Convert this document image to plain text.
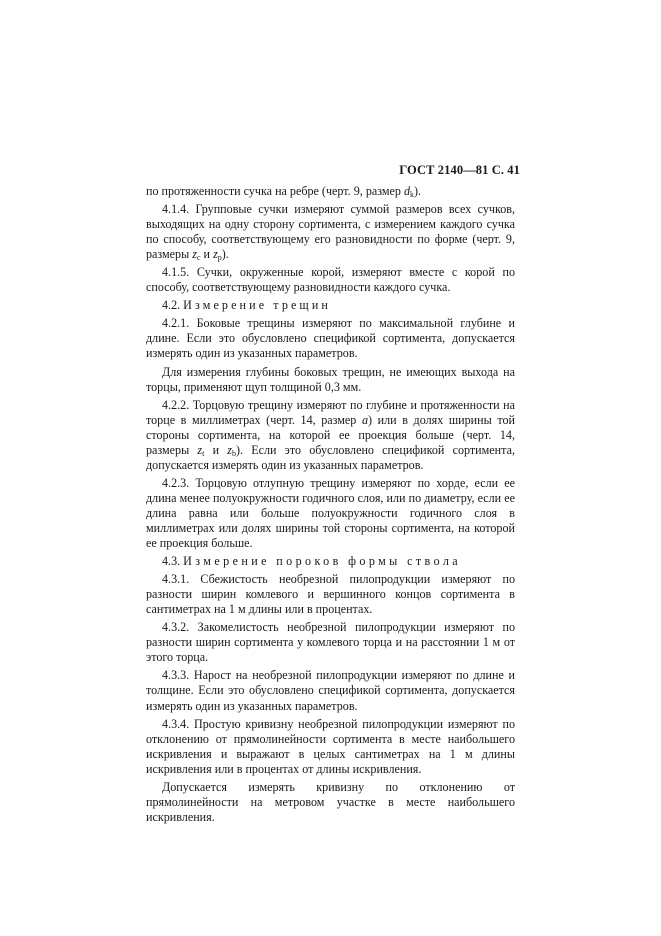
ГОСТ 2140—81 С. 41

по протяженности сучка на ребре (черт. 9, размер $d_k$).

4.1.4. Групповые сучки измеряют суммой размеров всех сучков, выходящих на одну сторону сортимента, с измерением каждого сучка по способу, соответствующему его разновидности по форме (черт. 9, размеры $z_c$ и $z_p$).

4.1.5. Сучки, окруженные корой, измеряют вместе с корой по способу, соответствующему разновидности каждого сучка.

4.2. Измерение трещин

4.2.1. Боковые трещины измеряют по максимальной глубине и длине. Если это обусловлено спецификой сортимента, допускается измерять один из указанных параметров.

Для измерения глубины боковых трещин, не имеющих выхода на торцы, применяют щуп толщиной 0,3 мм.

4.2.2. Торцовую трещину измеряют по глубине и протяженности на торце в миллиметрах (черт. 14, размер а) или в долях ширины той стороны сортимента, на которой ее проекция больше (черт. 14, размеры $z_t$ и $z_b$). Если это обусловлено спецификой сортимента, допускается измерять один из указанных параметров.

4.2.3. Торцовую отлупную трещину измеряют по хорде, если ее длина менее полуокружности годичного слоя, или по диаметру, если ее длина равна или больше полуокружности годичного слоя в миллиметрах или долях ширины той стороны сортимента, на которой ее проекция больше.

4.3. Измерение пороков формы ствола

4.3.1. Сбежистость необрезной пилопродукции измеряют по разности ширин комлевого и вершинного концов сортимента в сантиметрах на 1 м длины или в процентах.

4.3.2. Закомелистость необрезной пилопродукции измеряют по разности ширин сортимента у комлевого торца и на расстоянии 1 м от этого торца.

4.3.3. Нарост на необрезной пилопродукции измеряют по длине и толщине. Если это обусловлено спецификой сортимента, допускается измерять один из указанных параметров.

4.3.4. Простую кривизну необрезной пилопродукции измеряют по отклонению от прямолинейности сортимента в месте наибольшего искривления и выражают в целых сантиметрах на 1 м длины искривления или в процентах от длины искривления.

Допускается измерять кривизну по отклонению от прямолинейности на метровом участке в месте наибольшего искривления.
